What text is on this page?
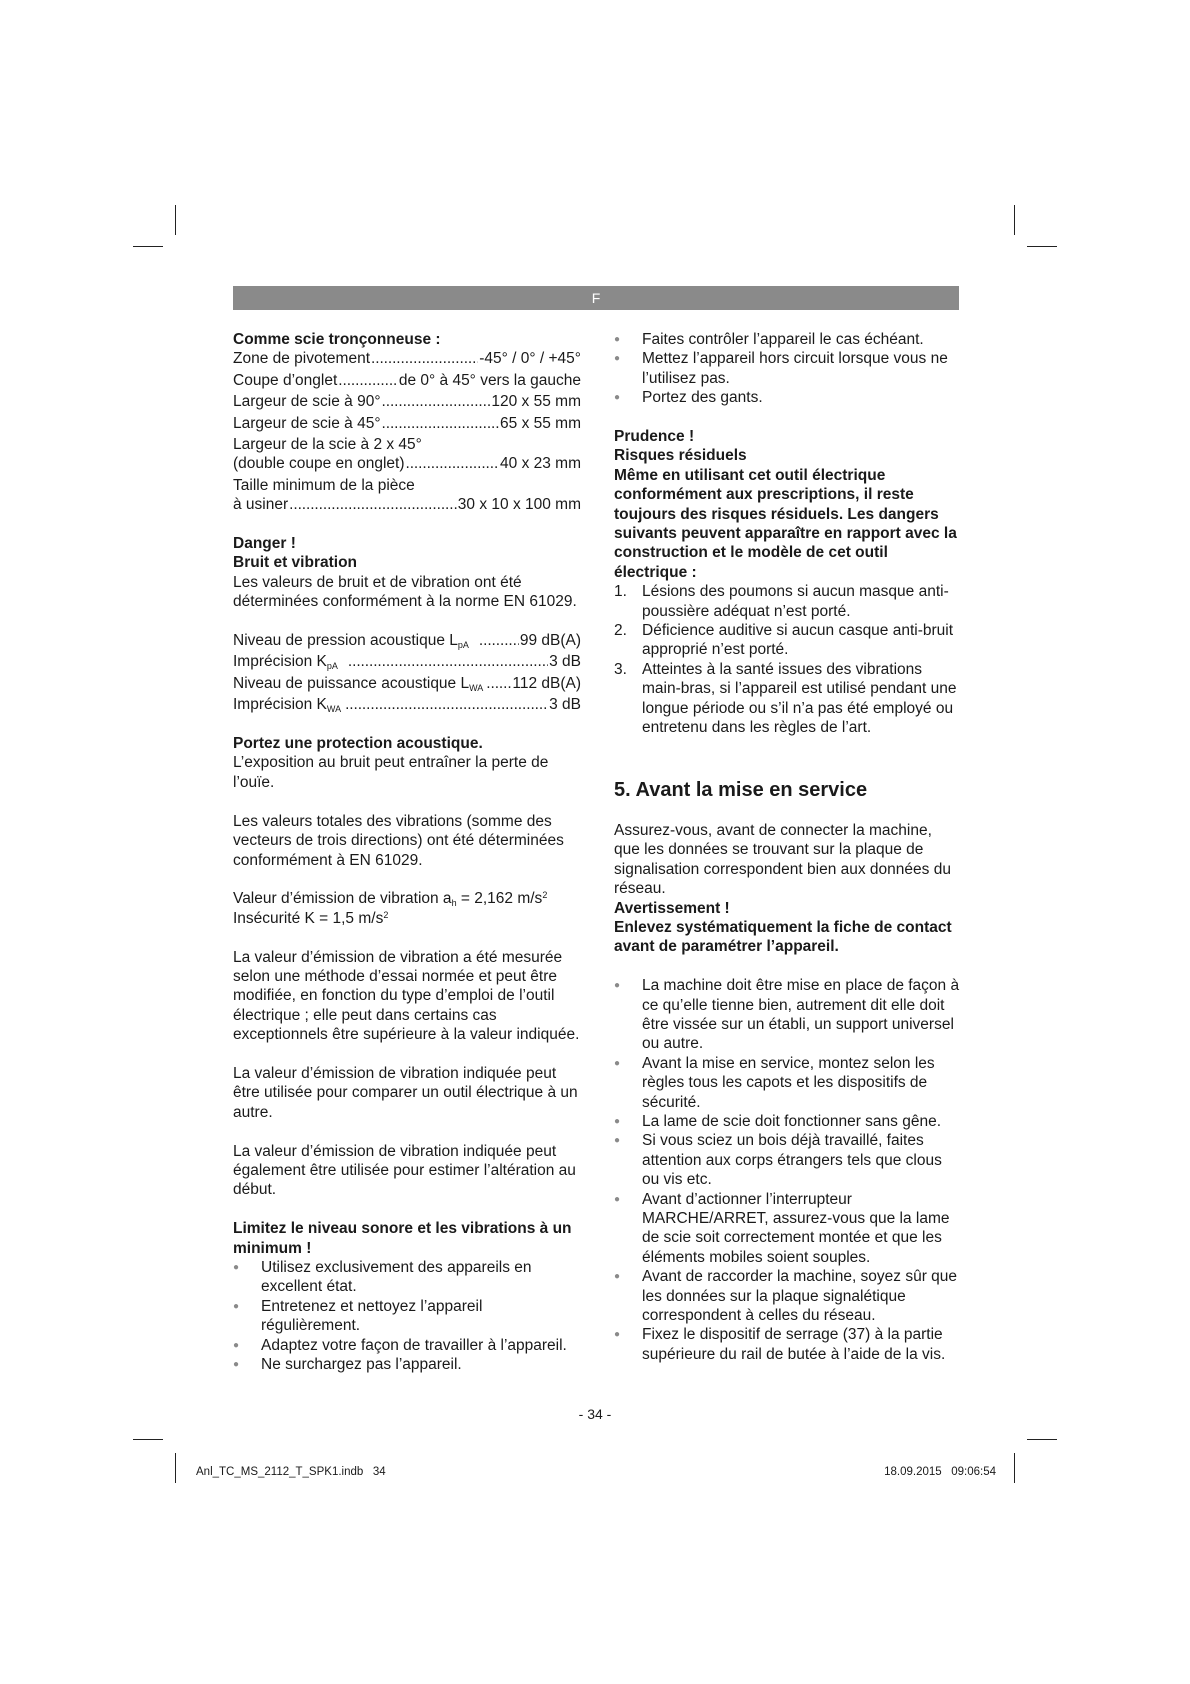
F

Comme scie tronçonneuse :

Zone de pivotement . . .	-45° / 0° / +45°
Coupe d’onglet . . .	de 0° à 45° vers la gauche
Largeur de scie à 90° . . .	120 x 55 mm
Largeur de scie à 45° . . .	65 x 55 mm

Largeur de la scie à 2 x 45°

(double coupe en onglet) . . .	40 x 23 mm

Taille minimum de la pièce

à usiner . . .	30 x 10 x 100 mm

Danger !

Bruit et vibration

Les valeurs de bruit et de vibration ont été déterminées conformément à la norme EN 61029.

Niveau de pression acoustique $L_{pA}$ . . .	99 dB(A)
Imprécision $K_{pA}$ . . .	3 dB
Niveau de puissance acoustique $L_{WA}$ . . . 112 dB(A)
Imprécision $K_{WA}$ . . .	3 dB

Portez une protection acoustique.

L’exposition au bruit peut entraîner la perte de l’ouïe.

Les valeurs totales des vibrations (somme des vecteurs de trois directions) ont été déterminées conformément à EN 61029.

Valeur d’émission de vibration $a_h = 2,162$ $m/s^2$

Insécurité K = 1,5 $m/s^2$

La valeur d’émission de vibration a été mesurée selon une méthode d’essai normée et peut être modifiée, en fonction du type d’emploi de l’outil électrique ; elle peut dans certains cas exceptionnels être supérieure à la valeur indiquée.

La valeur d’émission de vibration indiquée peut être utilisée pour comparer un outil électrique à un autre.

La valeur d’émission de vibration indiquée peut également être utilisée pour estimer l’altération au début.

Limitez le niveau sonore et les vibrations à un minimum !

● Utilisez exclusivement des appareils en excellent état.
● Entretenez et nettoyez l’appareil régulièrement.
● Adaptez votre façon de travailler à l’appareil.
● Ne surchargez pas l’appareil.
● Faites contrôler l’appareil le cas échéant.
● Mettez l’appareil hors circuit lorsque vous ne l’utilisez pas.
● Portez des gants.

Prudence !

Risques résiduels

Même en utilisant cet outil électrique conformément aux prescriptions, il reste toujours des risques résiduels. Les dangers suivants peuvent apparaître en rapport avec la construction et le modèle de cet outil électrique :

1. Lésions des poumons si aucun masque anti-poussière adéquat n’est porté.
2. Déficience auditive si aucun casque anti-bruit approprié n’est porté.
3. Atteintes à la santé issues des vibrations main-bras, si l’appareil est utilisé pendant une longue période ou s’il n’a pas été employé ou entretenu dans les règles de l’art.
5. Avant la mise en service

Assurez-vous, avant de connecter la machine, que les données se trouvant sur la plaque de signalisation correspondent bien aux données du réseau.

Avertissement !

Enlevez systématiquement la fiche de contact avant de paramétrer l’appareil.

● La machine doit être mise en place de façon à ce qu’elle tienne bien, autrement dit elle doit être vissée sur un établi, un support universel ou autre.
● Avant la mise en service, montez selon les règles tous les capots et les dispositifs de sécurité.
● La lame de scie doit fonctionner sans gêne.
● Si vous sciez un bois déjà travaillé, faites attention aux corps étrangers tels que clous ou vis etc.
● Avant d’actionner l’interrupteur MARCHE/ARRET, assurez-vous que la lame de scie soit correctement montée et que les éléments mobiles soient souples.
● Avant de raccorder la machine, soyez sûr que les données sur la plaque signalétique correspondent à celles du réseau.
● Fixez le dispositif de serrage (37) à la partie supérieure du rail de butée à l’aide de la vis.
- 34 -
Anl_TC_MS_2112_T_SPK1.indb   34	18.09.2015   09:06:54
